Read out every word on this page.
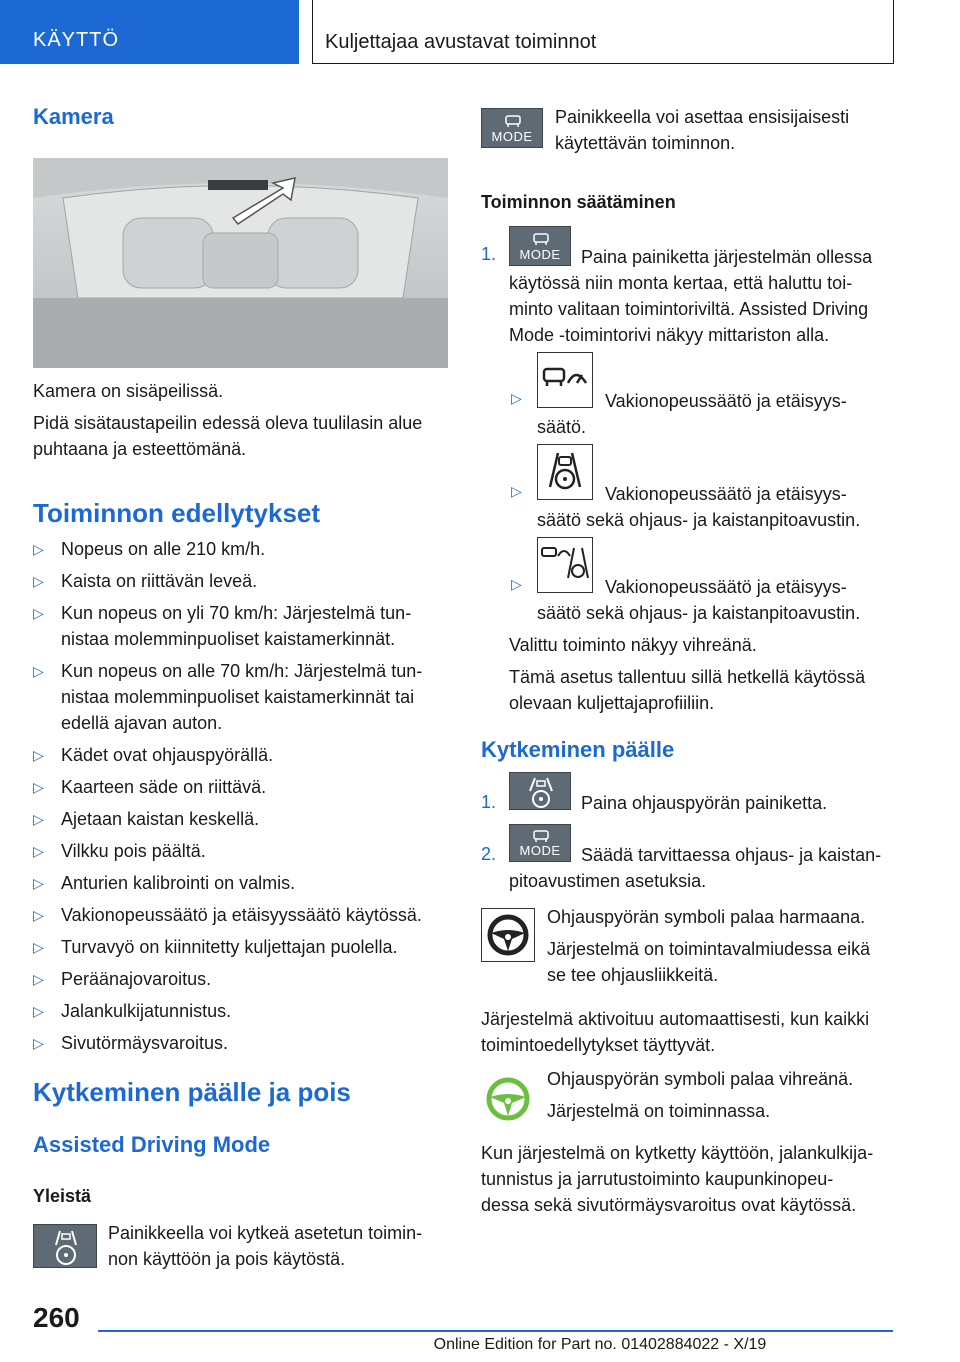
KÄYTTÖ	Kuljettajaa avustavat toiminnot
Kamera
Kamera on sisäpeilissä.
Pidä sisätaustapeilin edessä oleva tuulilasin alue
puhtaana ja esteettömänä.
Toiminnon edellytykset
▷ Nopeus on alle 210 km/h.
▷ Kaista on riittävän leveä.
▷ Kun nopeus on yli 70 km/h: Järjestelmä tun-
nistaa molemminpuoliset kaistamerkinnät.
▷ Kun nopeus on alle 70 km/h: Järjestelmä tun-
nistaa molemminpuoliset kaistamerkinnät tai
edellä ajavan auton.
▷ Kädet ovat ohjauspyörällä.
▷ Kaarteen säde on riittävä.
▷ Ajetaan kaistan keskellä.
▷ Vilkku pois päältä.
▷ Anturien kalibrointi on valmis.
▷ Vakionopeussäätö ja etäisyyssäätö käytössä.
▷ Turvavyö on kiinnitetty kuljettajan puolella.
▷ Peräänajovaroitus.
▷ Jalankulkijatunnistus.
▷ Sivutörmäysvaroitus.
Kytkeminen päälle ja pois
Assisted Driving Mode
Yleistä
Painikkeella voi kytkeä asetetun toimin-
non käyttöön ja pois käytöstä.
MODE
Painikkeella voi asettaa ensisijaisesti
käytettävän toiminnon.
Toiminnon säätäminen
1.	MODE	Paina painiketta järjestelmän ollessa
käytössä niin monta kertaa, että haluttu toi-
minto valitaan toimintoriviltä. Assisted Driving
Mode -toimintorivi näkyy mittariston alla.
▷	Vakionopeussäätö ja etäisyys-
säätö.
▷	Vakionopeussäätö ja etäisyys-
säätö sekä ohjaus- ja kaistanpitoavustin.
▷	Vakionopeussäätö ja etäisyys-
säätö sekä ohjaus- ja kaistanpitoavustin.
Valittu toiminto näkyy vihreänä.
Tämä asetus tallentuu sillä hetkellä käytössä
olevaan kuljettajaprofiiliin.
Kytkeminen päälle
1.	Paina ohjauspyörän painiketta.
2.	MODE	Säädä tarvittaessa ohjaus- ja kaistan-
pitoavustimen asetuksia.
Ohjauspyörän symboli palaa harmaana.
Järjestelmä on toimintavalmiudessa eikä
se tee ohjausliikkeitä.
Järjestelmä aktivoituu automaattisesti, kun kaikki
toimintoedellytykset täyttyvät.
Ohjauspyörän symboli palaa vihreänä.
Järjestelmä on toiminnassa.
Kun järjestelmä on kytketty käyttöön, jalankulkija-
tunnistus ja jarrutustoiminto kaupunkinopeu-
dessa sekä sivutörmäysvaroitus ovat käytössä.
260
Online Edition for Part no. 01402884022 - X/19
